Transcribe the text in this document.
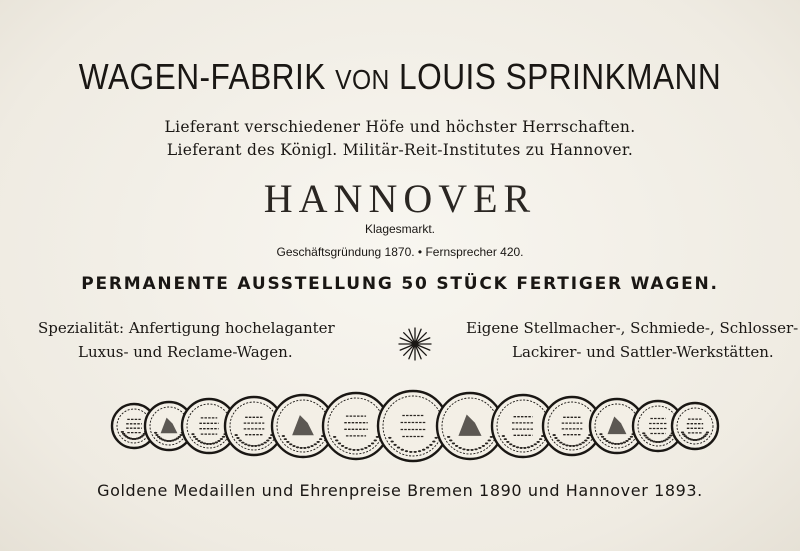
WAGEN-FABRIK VON LOUIS SPRINKMANN
Lieferant verschiedener Höfe und höchster Herrschaften.
Lieferant des Königl. Militär-Reit-Institutes zu Hannover.
HANNOVER
Klagesmarkt.
Geschäftsgründung 1870. • Fernsprecher 420.
PERMANENTE AUSSTELLUNG 50 STÜCK FERTIGER WAGEN.
Spezialität: Anfertigung hochelaganter
Luxus- und Reclame-Wagen.
Eigene Stellmacher-, Schmiede-, Schlosser-
Lackirer- und Sattler-Werkstätten.
Goldene Medaillen und Ehrenpreise Bremen 1890 und Hannover 1893.
